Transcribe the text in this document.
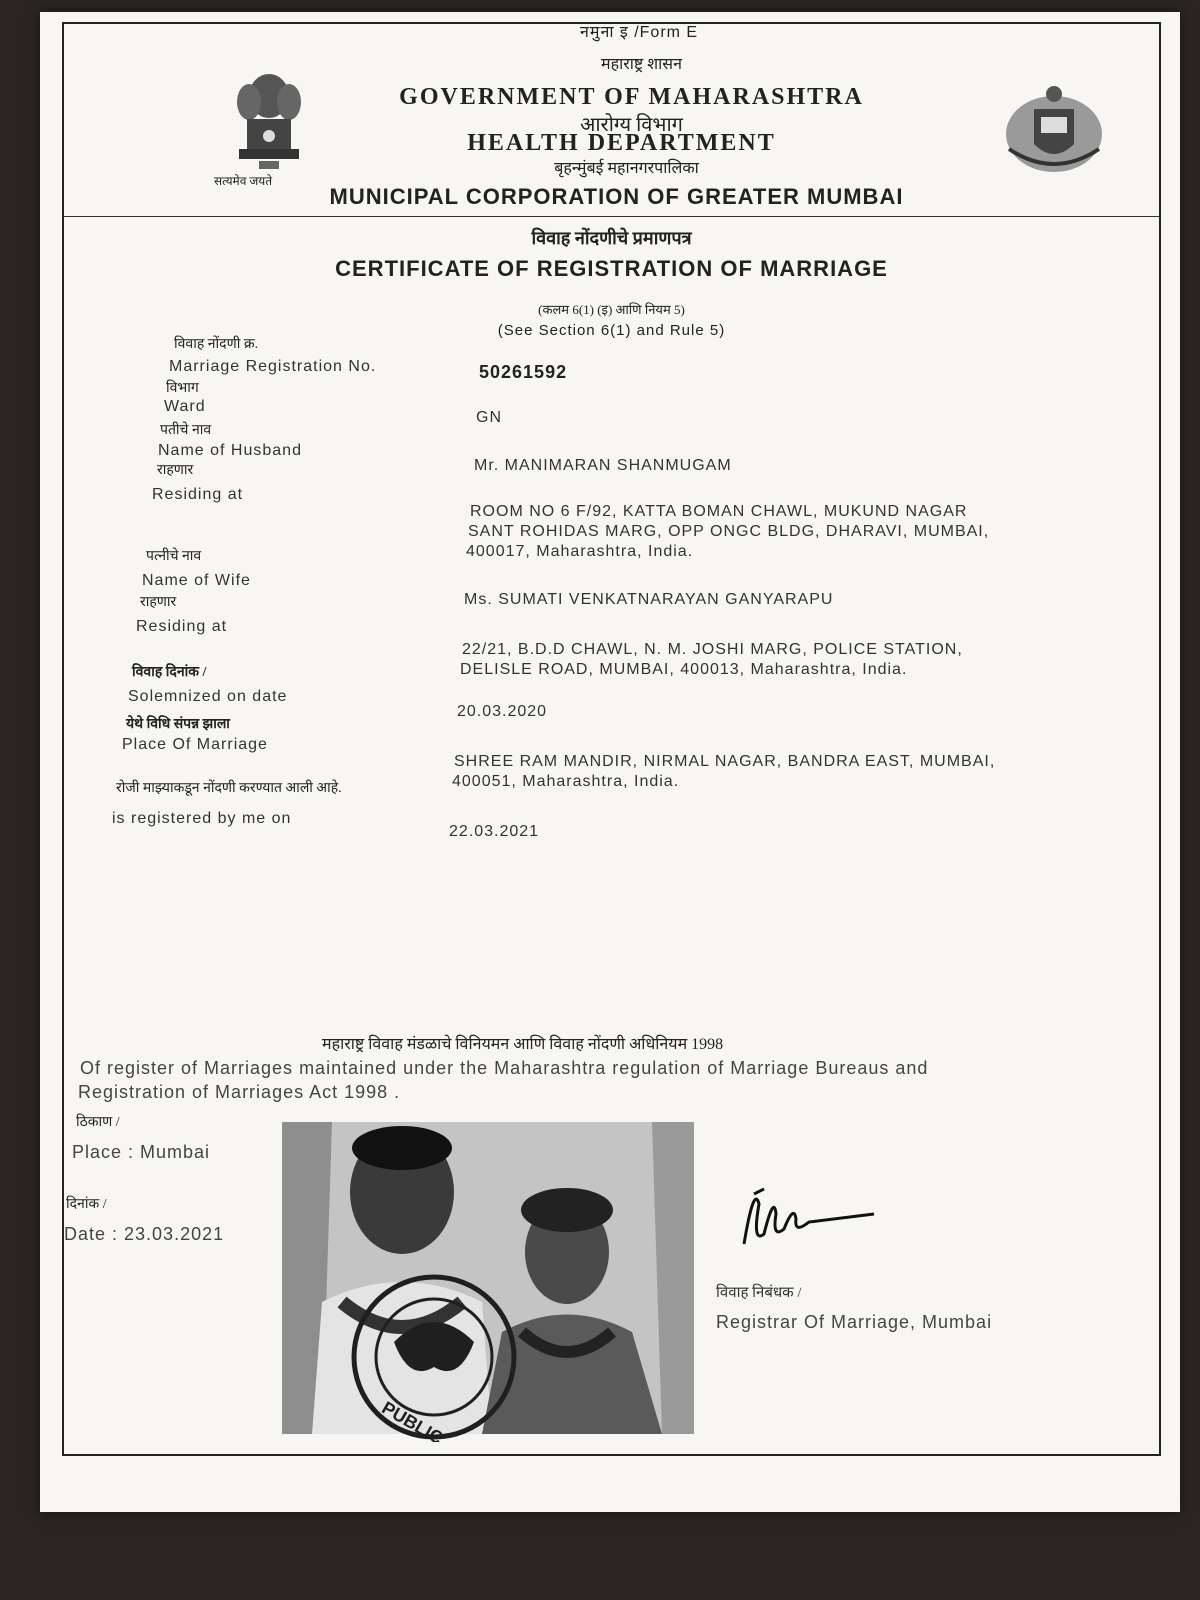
नमुना इ /Form E
सत्यमेव जयते
महाराष्ट्र शासन
GOVERNMENT OF MAHARASHTRA
आरोग्य विभाग
HEALTH DEPARTMENT
बृहन्मुंबई महानगरपालिका
MUNICIPAL CORPORATION OF GREATER MUMBAI
विवाह नोंदणीचे प्रमाणपत्र
CERTIFICATE OF REGISTRATION OF MARRIAGE
(कलम 6(1) (इ) आणि नियम 5)
(See Section 6(1) and Rule 5)
विवाह नोंदणी क्र.
Marriage Registration No.	50261592
विभाग
Ward
GN
पतीचे नाव
Name of Husband
Mr. MANIMARAN SHANMUGAM
राहणार
Residing at
ROOM NO 6 F/92, KATTA BOMAN CHAWL, MUKUND NAGAR
SANT ROHIDAS MARG, OPP ONGC BLDG, DHARAVI, MUMBAI,
400017, Maharashtra, India.
पत्नीचे नाव
Name of Wife
Ms. SUMATI VENKATNARAYAN GANYARAPU
राहणार
Residing at
22/21, B.D.D CHAWL, N. M. JOSHI MARG, POLICE STATION,
DELISLE ROAD, MUMBAI, 400013, Maharashtra, India.
विवाह दिनांक /
Solemnized on date
20.03.2020
येथे विधि संपन्न झाला
Place Of Marriage
SHREE RAM MANDIR, NIRMAL NAGAR, BANDRA EAST, MUMBAI,
400051, Maharashtra, India.
रोजी माझ्याकडून नोंदणी करण्यात आली आहे.
is registered by me on
22.03.2021
महाराष्ट्र विवाह मंडळाचे विनियमन आणि विवाह नोंदणी अधिनियम 1998
Of register of Marriages maintained under the Maharashtra regulation of Marriage Bureaus and
Registration of Marriages Act 1998 .
ठिकाण /
Place : Mumbai
दिनांक /
Date : 23.03.2021
PUBLIC
विवाह निबंधक /
Registrar Of Marriage, Mumbai
